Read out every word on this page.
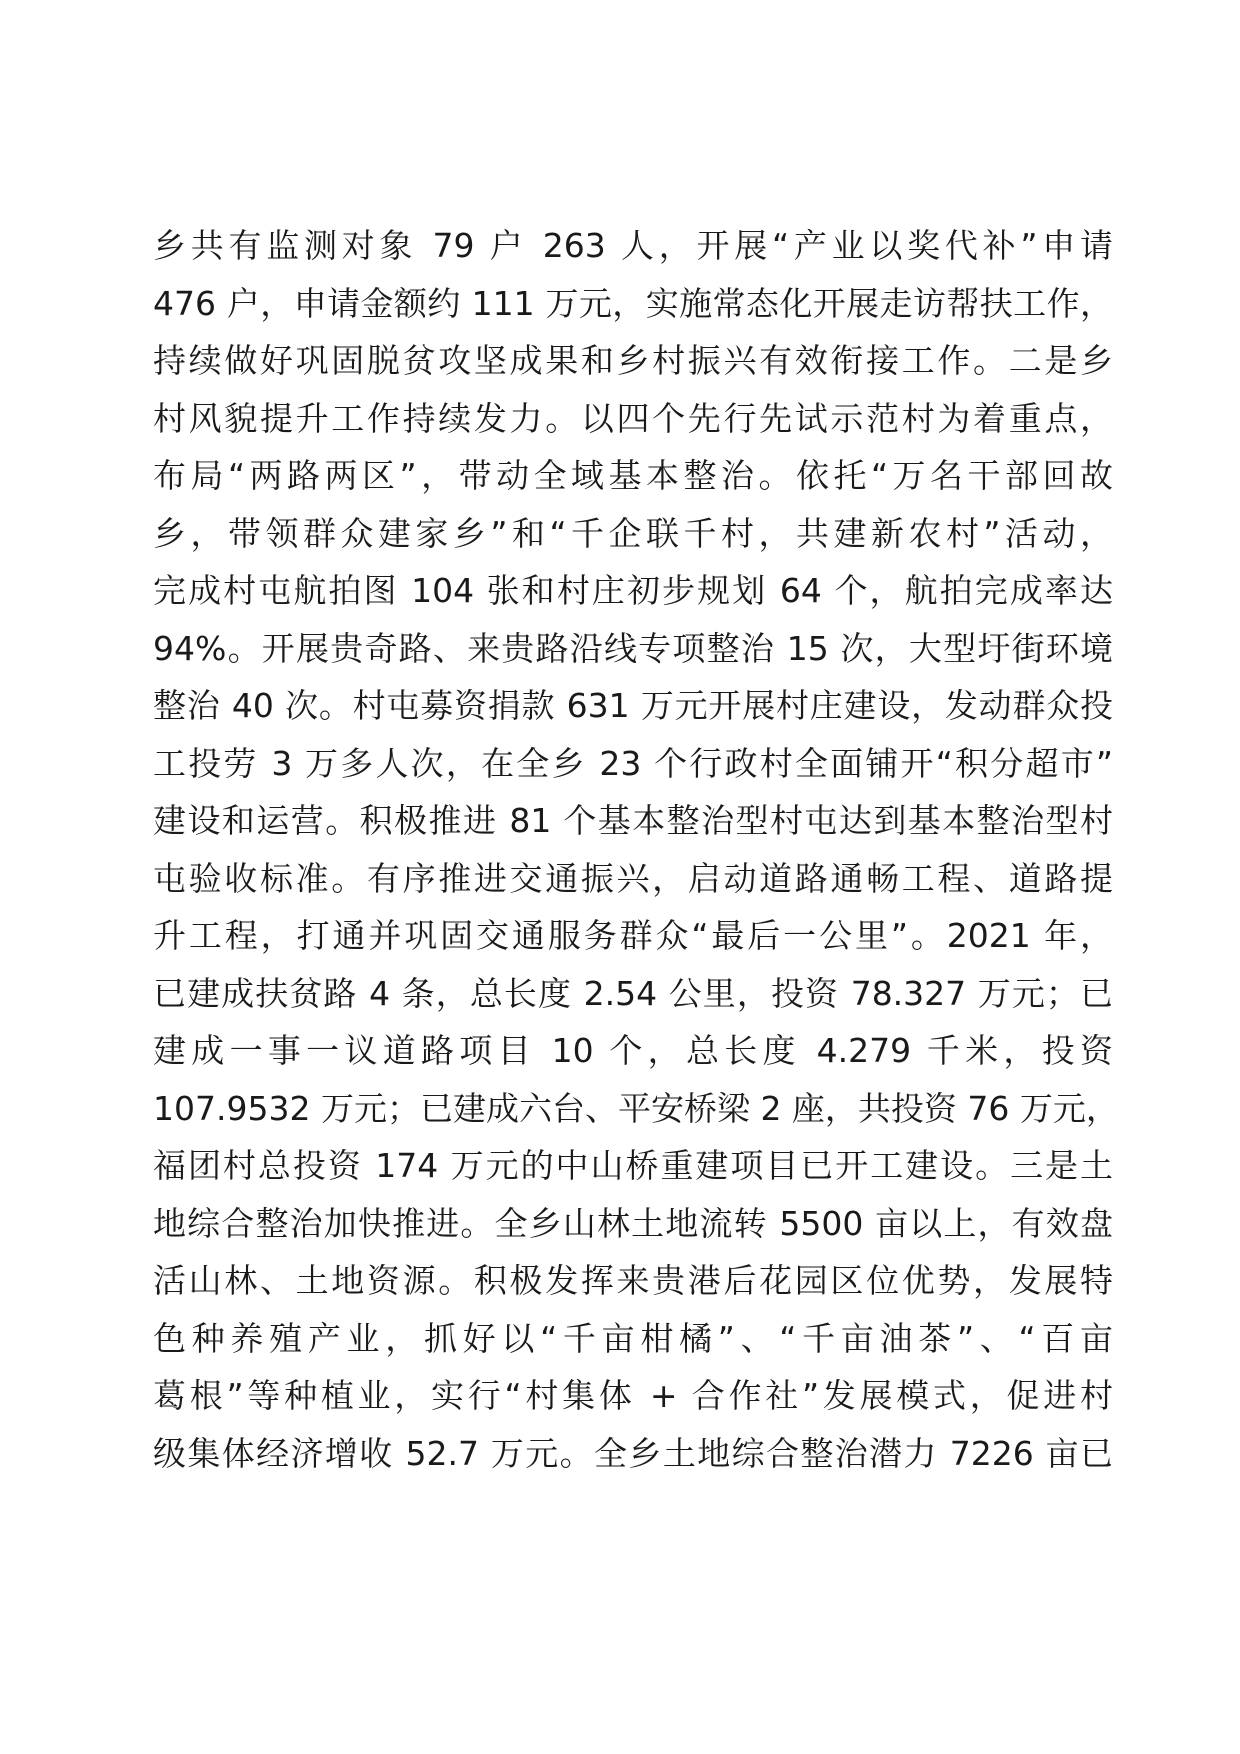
乡共有监测对象 79 户 263 人，开展“产业以奖代补”申请
476 户，申请金额约 111 万元，实施常态化开展走访帮扶工作，
持续做好巩固脱贫攻坚成果和乡村振兴有效衔接工作。二是乡
村风貌提升工作持续发力。以四个先行先试示范村为着重点，
布局“两路两区”，带动全域基本整治。依托“万名干部回故
乡，带领群众建家乡”和“千企联千村，共建新农村”活动，
完成村屯航拍图 104 张和村庄初步规划 64 个，航拍完成率达
94%。开展贵奇路、来贵路沿线专项整治 15 次，大型圩街环境
整治 40 次。村屯募资捐款 631 万元开展村庄建设，发动群众投
工投劳 3 万多人次，在全乡 23 个行政村全面铺开“积分超市”
建设和运营。积极推进 81 个基本整治型村屯达到基本整治型村
屯验收标准。有序推进交通振兴，启动道路通畅工程、道路提
升工程，打通并巩固交通服务群众“最后一公里”。2021 年，
已建成扶贫路 4 条，总长度 2.54 公里，投资 78.327 万元；已
建成一事一议道路项目 10 个，总长度 4.279 千米，投资
107.9532 万元；已建成六台、平安桥梁 2 座，共投资 76 万元，
福团村总投资 174 万元的中山桥重建项目已开工建设。三是土
地综合整治加快推进。全乡山林土地流转 5500 亩以上，有效盘
活山林、土地资源。积极发挥来贵港后花园区位优势，发展特
色种养殖产业，抓好以“千亩柑橘”、“千亩油茶”、“百亩
葛根”等种植业，实行“村集体 + 合作社”发展模式，促进村
级集体经济增收 52.7 万元。全乡土地综合整治潜力 7226 亩已
